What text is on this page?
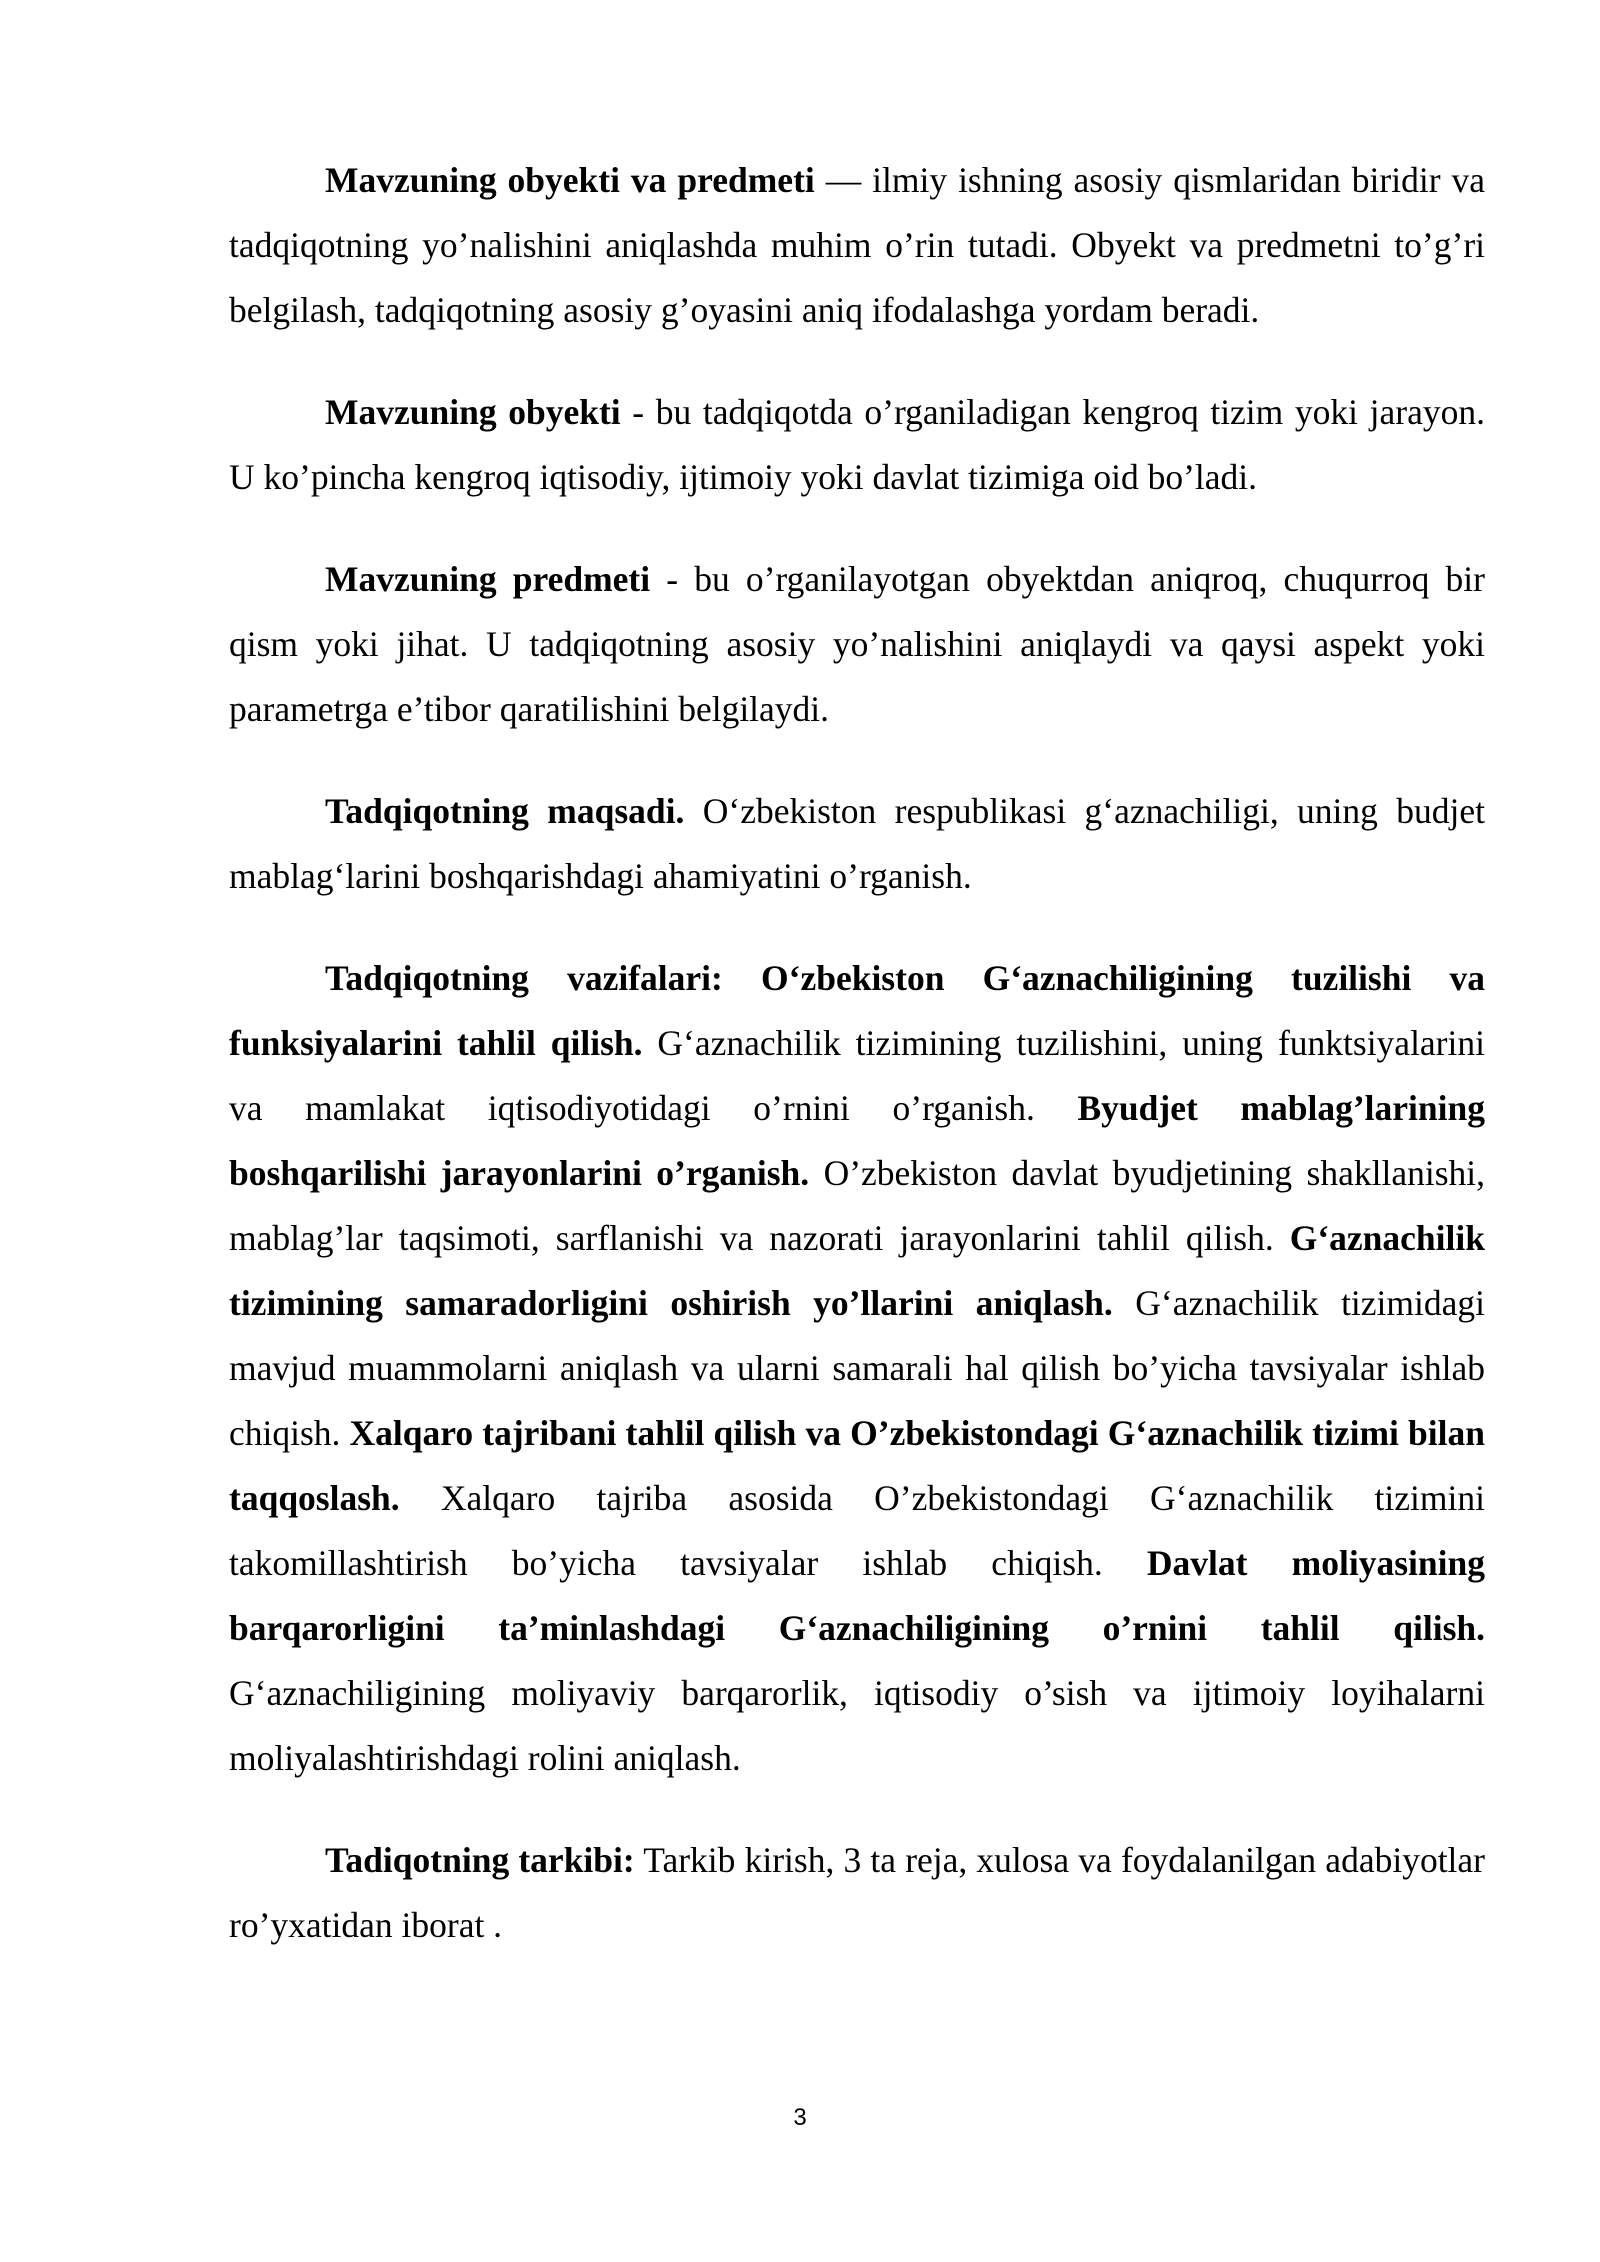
Mavzuning obyekti va predmeti — ilmiy ishning asosiy qismlaridan biridir va tadqiqotning yo’nalishini aniqlashda muhim o’rin tutadi. Obyekt va predmetni to’g’ri belgilash, tadqiqotning asosiy g’oyasini aniq ifodalashga yordam beradi.

Mavzuning obyekti - bu tadqiqotda o’rganiladigan kengroq tizim yoki jarayon. U ko’pincha kengroq iqtisodiy, ijtimoiy yoki davlat tizimiga oid bo’ladi.

Mavzuning predmeti - bu o’rganilayotgan obyektdan aniqroq, chuqurroq bir qism yoki jihat. U tadqiqotning asosiy yo’nalishini aniqlaydi va qaysi aspekt yoki parametrga e’tibor qaratilishini belgilaydi.

Tadqiqotning maqsadi. O‘zbekiston respublikasi g‘aznachiligi, uning budjet mablag‘larini boshqarishdagi ahamiyatini o’rganish.

Tadqiqotning vazifalari: O‘zbekiston G‘aznachiligining tuzilishi va funksiyalarini tahlil qilish. G‘aznachilik tizimining tuzilishini, uning funktsiyalarini va mamlakat iqtisodiyotidagi o’rnini o’rganish. Byudjet mablag’larining boshqarilishi jarayonlarini o’rganish. O’zbekiston davlat byudjetining shakllanishi, mablag’lar taqsimoti, sarflanishi va nazorati jarayonlarini tahlil qilish. G‘aznachilik tizimining samaradorligini oshirish yo’llarini aniqlash. G‘aznachilik tizimidagi mavjud muammolarni aniqlash va ularni samarali hal qilish bo’yicha tavsiyalar ishlab chiqish. Xalqaro tajribani tahlil qilish va O’zbekistondagi G‘aznachilik tizimi bilan taqqoslash. Xalqaro tajriba asosida O’zbekistondagi G‘aznachilik tizimini takomillashtirish bo’yicha tavsiyalar ishlab chiqish. Davlat moliyasining barqarorligini ta’minlashdagi G‘aznachiligining o’rnini tahlil qilish. G‘aznachiligining moliyaviy barqarorlik, iqtisodiy o’sish va ijtimoiy loyihalarni moliyalashtirishdagi rolini aniqlash.

Tadiqotning tarkibi: Tarkib kirish, 3 ta reja, xulosa va foydalanilgan adabiyotlar ro’yxatidan iborat .

3
